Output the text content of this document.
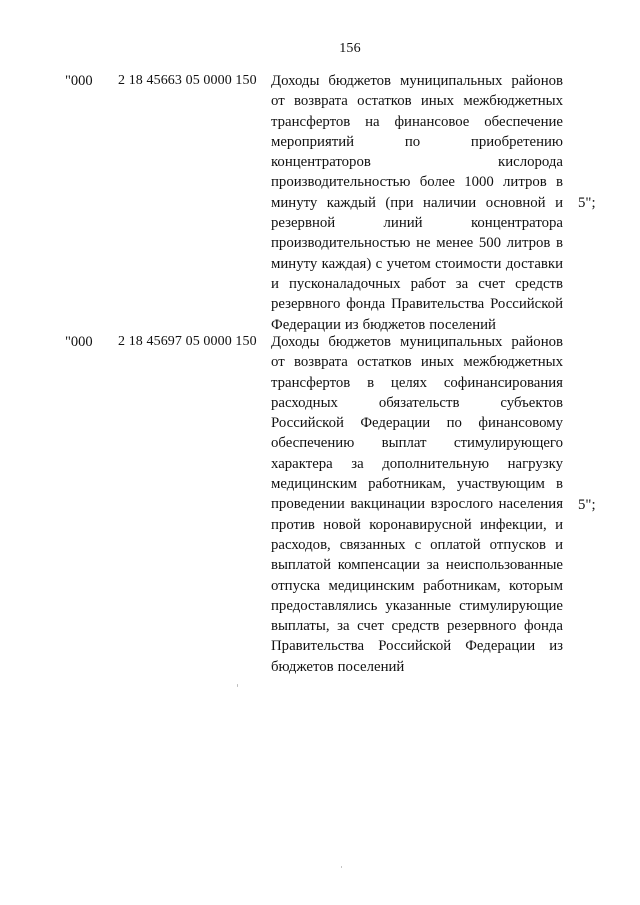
156
"000 2 18 45663 05 0000 150 Доходы бюджетов муниципальных районов от возврата остатков иных межбюджетных трансфертов на финансовое обеспечение мероприятий по приобретению концентраторов кислорода производительностью более 1000 литров в минуту каждый (при наличии основной и резервной линий концентратора производительностью не менее 500 литров в минуту каждая) с учетом стоимости доставки и пусконаладочных работ за счет средств резервного фонда Правительства Российской Федерации из бюджетов поселений
5";
"000 2 18 45697 05 0000 150 Доходы бюджетов муниципальных районов от возврата остатков иных межбюджетных трансфертов в целях софинансирования расходных обязательств субъектов Российской Федерации по финансовому обеспечению выплат стимулирующего характера за дополнительную нагрузку медицинским работникам, участвующим в проведении вакцинации взрослого населения против новой коронавирусной инфекции, и расходов, связанных с оплатой отпусков и выплатой компенсации за неиспользованные отпуска медицинским работникам, которым предоставлялись указанные стимулирующие выплаты, за счет средств резервного фонда Правительства Российской Федерации из бюджетов поселений
5";
